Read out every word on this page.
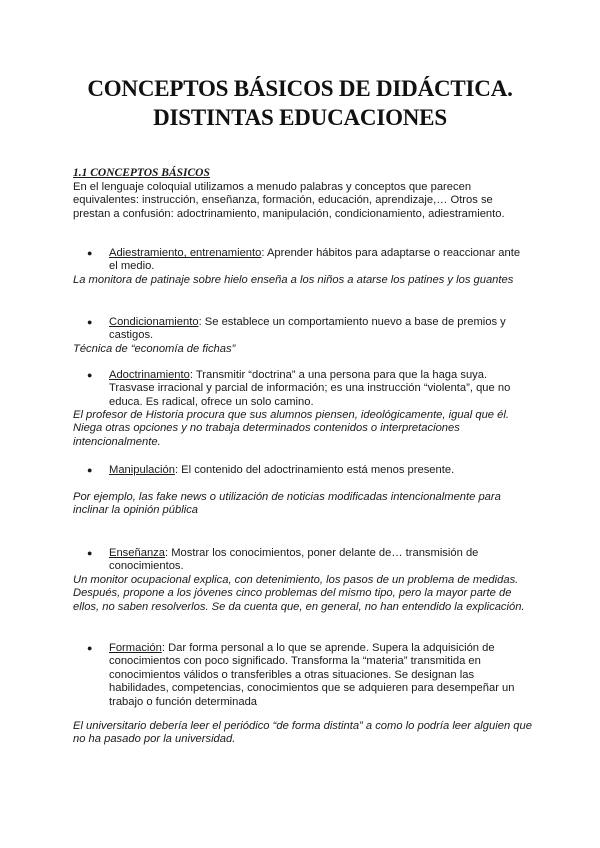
CONCEPTOS BÁSICOS DE DIDÁCTICA.
DISTINTAS EDUCACIONES
1.1 CONCEPTOS BÁSICOS
En el lenguaje coloquial utilizamos a menudo palabras y conceptos que parecen equivalentes: instrucción, enseñanza, formación, educación, aprendizaje,… Otros se prestan a confusión: adoctrinamiento, manipulación, condicionamiento, adiestramiento.
● Adiestramiento, entrenamiento: Aprender hábitos para adaptarse o reaccionar ante el medio.
La monitora de patinaje sobre hielo enseña a los niños a atarse los patines y los guantes
● Condicionamiento: Se establece un comportamiento nuevo a base de premios y castigos.
Técnica de “economía de fichas”
● Adoctrinamiento: Transmitir “doctrina” a una persona para que la haga suya. Trasvase irracional y parcial de información; es una instrucción “violenta”, que no educa. Es radical, ofrece un solo camino.
El profesor de Historia procura que sus alumnos piensen, ideológicamente, igual que él. Niega otras opciones y no trabaja determinados contenidos o interpretaciones intencionalmente.
● Manipulación: El contenido del adoctrinamiento está menos presente.
Por ejemplo, las fake news o utilización de noticias modificadas intencionalmente para inclinar la opinión pública
● Enseñanza: Mostrar los conocimientos, poner delante de… transmisión de conocimientos.
Un monitor ocupacional explica, con detenimiento, los pasos de un problema de medidas. Después, propone a los jóvenes cinco problemas del mismo tipo, pero la mayor parte de ellos, no saben resolverlos. Se da cuenta que, en general, no han entendido la explicación.
● Formación: Dar forma personal a lo que se aprende. Supera la adquisición de conocimientos con poco significado. Transforma la “materia” transmitida en conocimientos válidos o transferibles a otras situaciones. Se designan las habilidades, competencias, conocimientos que se adquieren para desempeñar un trabajo o función determinada
El universitario debería leer el periódico “de forma distinta” a como lo podría leer alguien que no ha pasado por la universidad.
